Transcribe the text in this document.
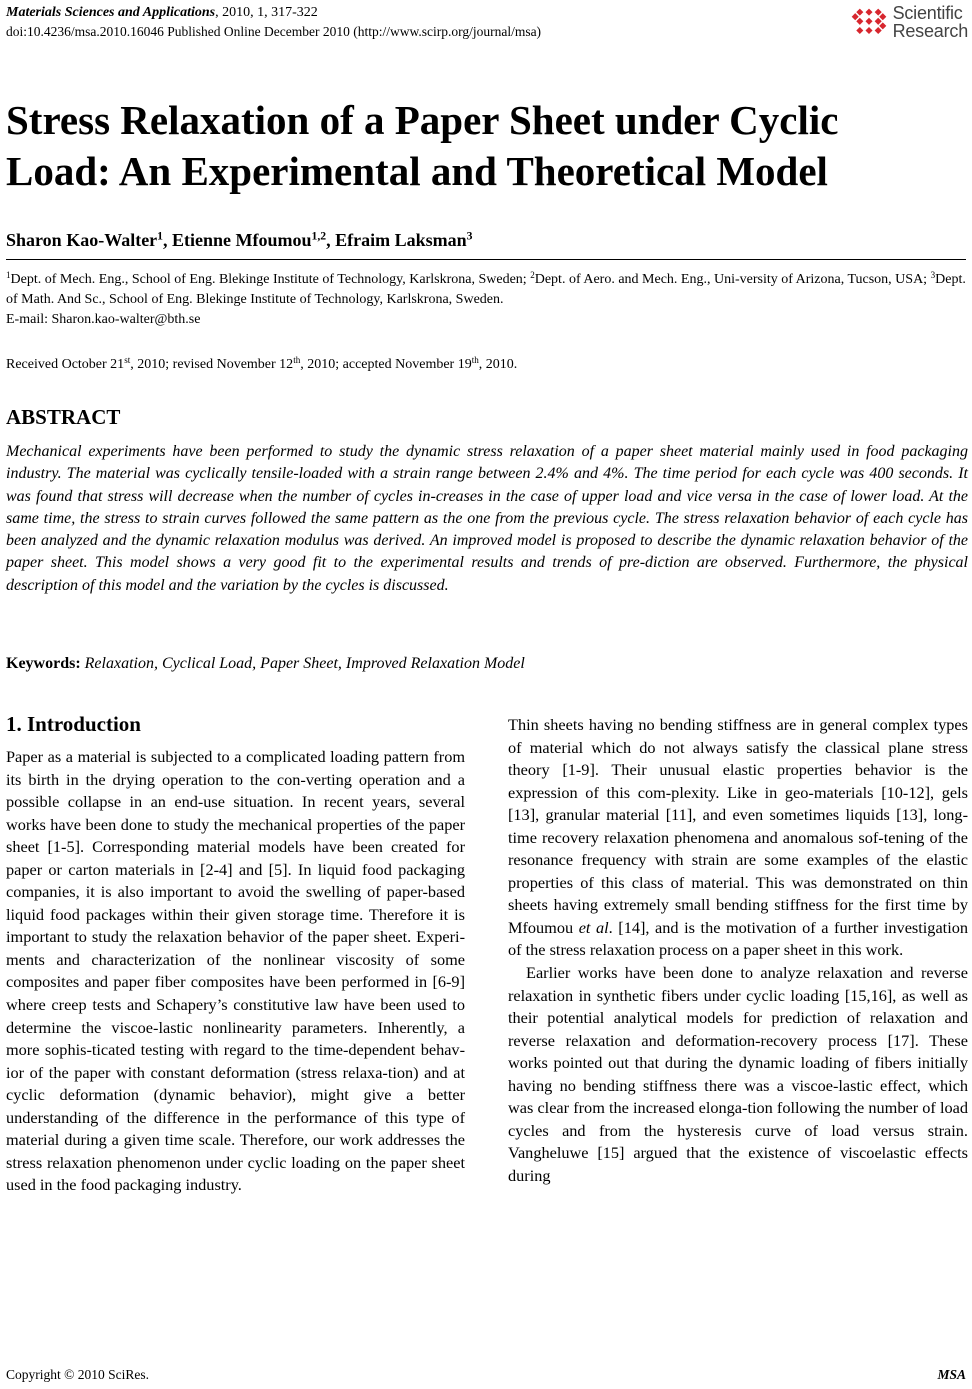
Materials Sciences and Applications, 2010, 1, 317-322
doi:10.4236/msa.2010.16046 Published Online December 2010 (http://www.scirp.org/journal/msa)
Scientific
Research
Stress Relaxation of a Paper Sheet under Cyclic
Load: An Experimental and Theoretical Model
Sharon Kao-Walter$^1$, Etienne Mfoumou$^{1,2}$, Efraim Laksman$^3$
$^1$Dept. of Mech. Eng., School of Eng. Blekinge Institute of Technology, Karlskrona, Sweden; $^2$Dept. of Aero. and Mech. Eng., Uni-versity of Arizona, Tucson, USA; $^3$Dept. of Math. And Sc., School of Eng. Blekinge Institute of Technology, Karlskrona, Sweden.
E-mail: Sharon.kao-walter@bth.se
Received October 21st, 2010; revised November 12th, 2010; accepted November 19th, 2010.
ABSTRACT
Mechanical experiments have been performed to study the dynamic stress relaxation of a paper sheet material mainly used in food packaging industry. The material was cyclically tensile-loaded with a strain range between 2.4% and 4%. The time period for each cycle was 400 seconds. It was found that stress will decrease when the number of cycles in-creases in the case of upper load and vice versa in the case of lower load. At the same time, the stress to strain curves followed the same pattern as the one from the previous cycle. The stress relaxation behavior of each cycle has been analyzed and the dynamic relaxation modulus was derived. An improved model is proposed to describe the dynamic relaxation behavior of the paper sheet. This model shows a very good fit to the experimental results and trends of pre-diction are observed. Furthermore, the physical description of this model and the variation by the cycles is discussed.
Keywords: Relaxation, Cyclical Load, Paper Sheet, Improved Relaxation Model
1. Introduction

Paper as a material is subjected to a complicated loading pattern from its birth in the drying operation to the con-verting operation and a possible collapse in an end-use situation. In recent years, several works have been done to study the mechanical properties of the paper sheet [1-5]. Corresponding material models have been created for paper or carton materials in [2-4] and [5]. In liquid food packaging companies, it is also important to avoid the swelling of paper-based liquid food packages within their given storage time. Therefore it is important to study the relaxation behavior of the paper sheet. Experi-ments and characterization of the nonlinear viscosity of some composites and paper fiber composites have been performed in [6-9] where creep tests and Schapery’s constitutive law have been used to determine the viscoe-lastic nonlinearity parameters. Inherently, a more sophis-ticated testing with regard to the time-dependent behav-ior of the paper with constant deformation (stress relaxa-tion) and at cyclic deformation (dynamic behavior), might give a better understanding of the difference in the performance of this type of material during a given time scale. Therefore, our work addresses the stress relaxation phenomenon under cyclic loading on the paper sheet used in the food packaging industry.

Thin sheets having no bending stiffness are in general complex types of material which do not always satisfy the classical plane stress theory [1-9]. Their unusual elastic properties behavior is the expression of this com-plexity. Like in geo-materials [10-12], gels [13], granular material [11], and even sometimes liquids [13], long-time recovery relaxation phenomena and anomalous sof-tening of the resonance frequency with strain are some examples of the elastic properties of this class of material. This was demonstrated on thin sheets having extremely small bending stiffness for the first time by Mfoumou et al. [14], and is the motivation of a further investigation of the stress relaxation process on a paper sheet in this work.

Earlier works have been done to analyze relaxation and reverse relaxation in synthetic fibers under cyclic loading [15,16], as well as their potential analytical models for prediction of relaxation and reverse relaxation and deformation-recovery process [17]. These works pointed out that during the dynamic loading of fibers initially having no bending stiffness there was a viscoe-lastic effect, which was clear from the increased elonga-tion following the number of load cycles and from the hysteresis curve of load versus strain. Vangheluwe [15] argued that the existence of viscoelastic effects during

Copyright © 2010 SciRes.	MSA
